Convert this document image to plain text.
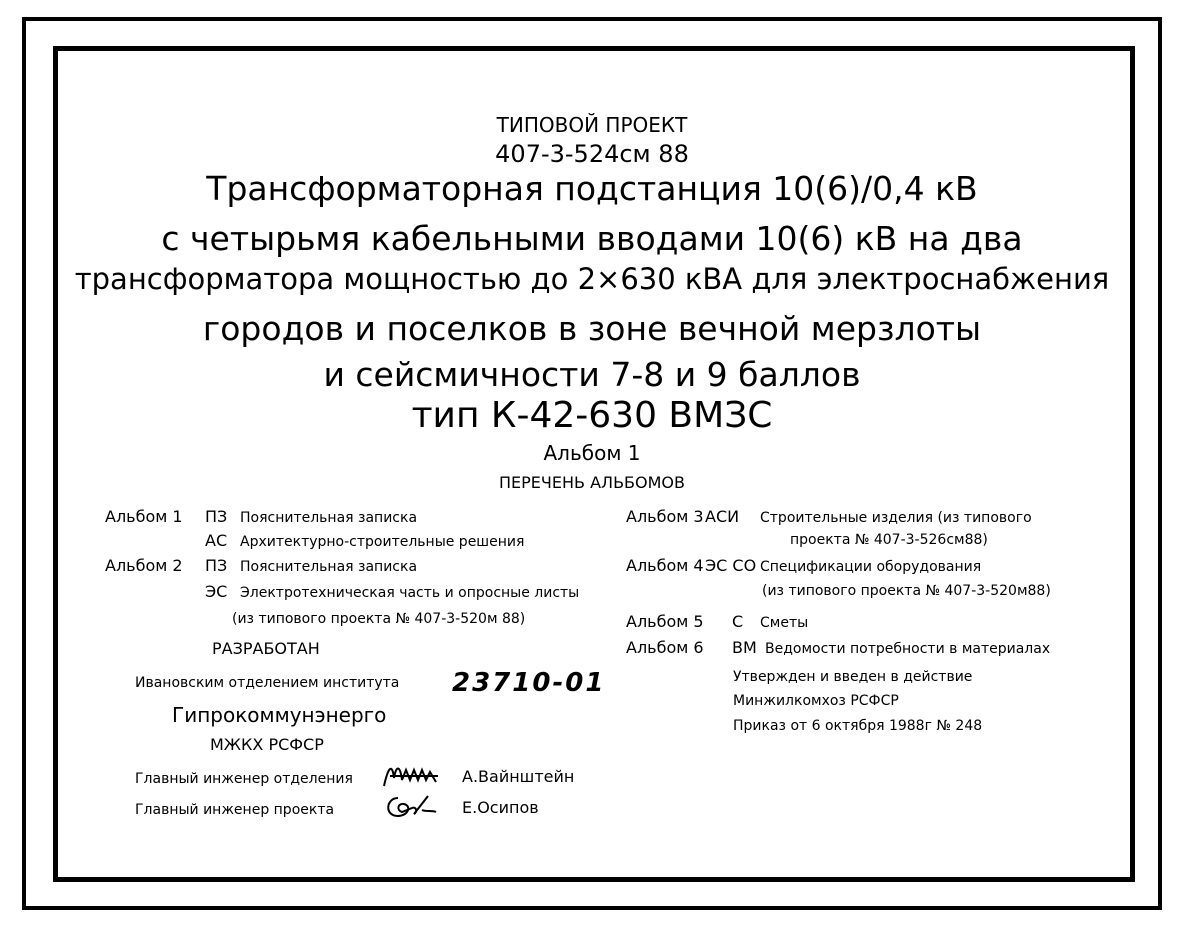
ТИПОВОЙ ПРОЕКТ
407-3-524см 88
Трансформаторная подстанция 10(6)/0,4 кВ
с четырьмя кабельными вводами 10(6) кВ на два
трансформатора мощностью до 2×630 кВА для электроснабжения
городов и поселков в зоне вечной мерзлоты
и сейсмичности 7-8 и 9 баллов
тип К-42-630 ВМЗС
Альбом 1
ПЕРЕЧЕНЬ АЛЬБОМОВ
Альбом 1 ПЗ Пояснительная записка
АС Архитектурно-строительные решения
Альбом 2 ПЗ Пояснительная записка
ЭС Электротехническая часть и опросные листы
(из типового проекта № 407-3-520м 88)
Альбом 3 АСИ Строительные изделия (из типового
проекта № 407-3-526см88)
Альбом 4 ЭС СО Спецификации оборудования
(из типового проекта № 407-3-520м88)
Альбом 5 С Сметы
Альбом 6 ВМ Ведомости потребности в материалах
РАЗРАБОТАН
Ивановским отделением института 23710-01
Гипрокоммунэнерго
МЖКХ РСФСР
Утвержден и введен в действие
Минжилкомхоз РСФСР
Приказ от 6 октября 1988г № 248
Главный инженер отделения	А.Вайнштейн
Главный инженер проекта	Е.Осипов
